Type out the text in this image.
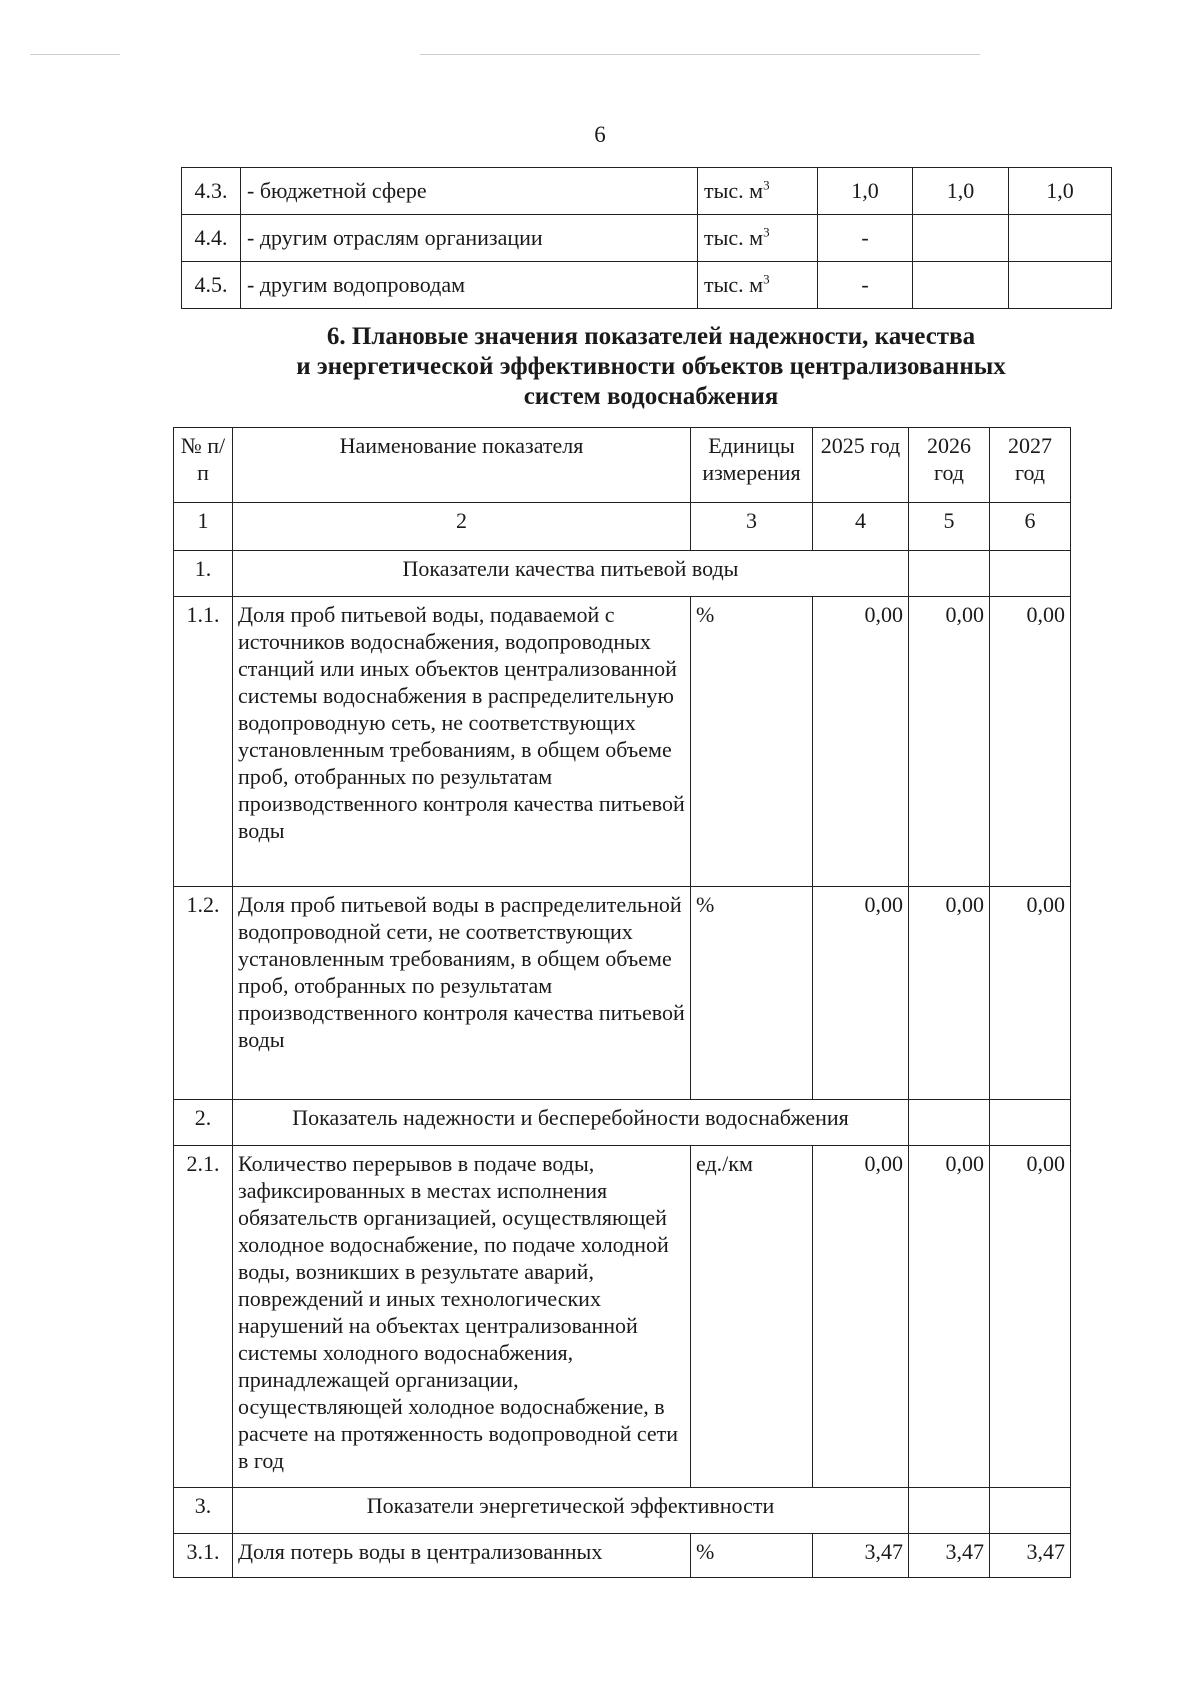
6
4.3.	- бюджетной сфере	тыс. $м^3$	1,0	1,0	1,0
4.4.	- другим отраслям организации	тыс. $м^3$	-		
4.5.	- другим водопроводам	тыс. $м^3$	-		
6. Плановые значения показателей надежности, качества
и энергетической эффективности объектов централизованных
систем водоснабжения
№ п/п	Наименование показателя	Единицы измерения	2025 год	2026 год	2027 год
1	2	3	4	5	6
1.	Показатели качества питьевой воды				
1.1.	Доля проб питьевой воды, подаваемой с источников водоснабжения, водопроводных станций или иных объектов централизованной системы водоснабжения в распределительную водопроводную сеть, не соответствующих установленным требованиям, в общем объеме проб, отобранных по результатам производственного контроля качества питьевой воды	%	0,00	0,00	0,00
1.2.	Доля проб питьевой воды в распределительной водопроводной сети, не соответствующих установленным требованиям, в общем объеме проб, отобранных по результатам производственного контроля качества питьевой воды	%	0,00	0,00	0,00
2.	Показатель надежности и бесперебойности водоснабжения				
2.1.	Количество перерывов в подаче воды, зафиксированных в местах исполнения обязательств организацией, осуществляющей холодное водоснабжение, по подаче холодной воды, возникших в результате аварий, повреждений и иных технологических нарушений на объектах централизованной системы холодного водоснабжения, принадлежащей организации, осуществляющей холодное водоснабжение, в расчете на протяженность водопроводной сети в год	ед./км	0,00	0,00	0,00
3.	Показатели энергетической эффективности				
3.1.	Доля потерь воды в централизованных	%	3,47	3,47	3,47
